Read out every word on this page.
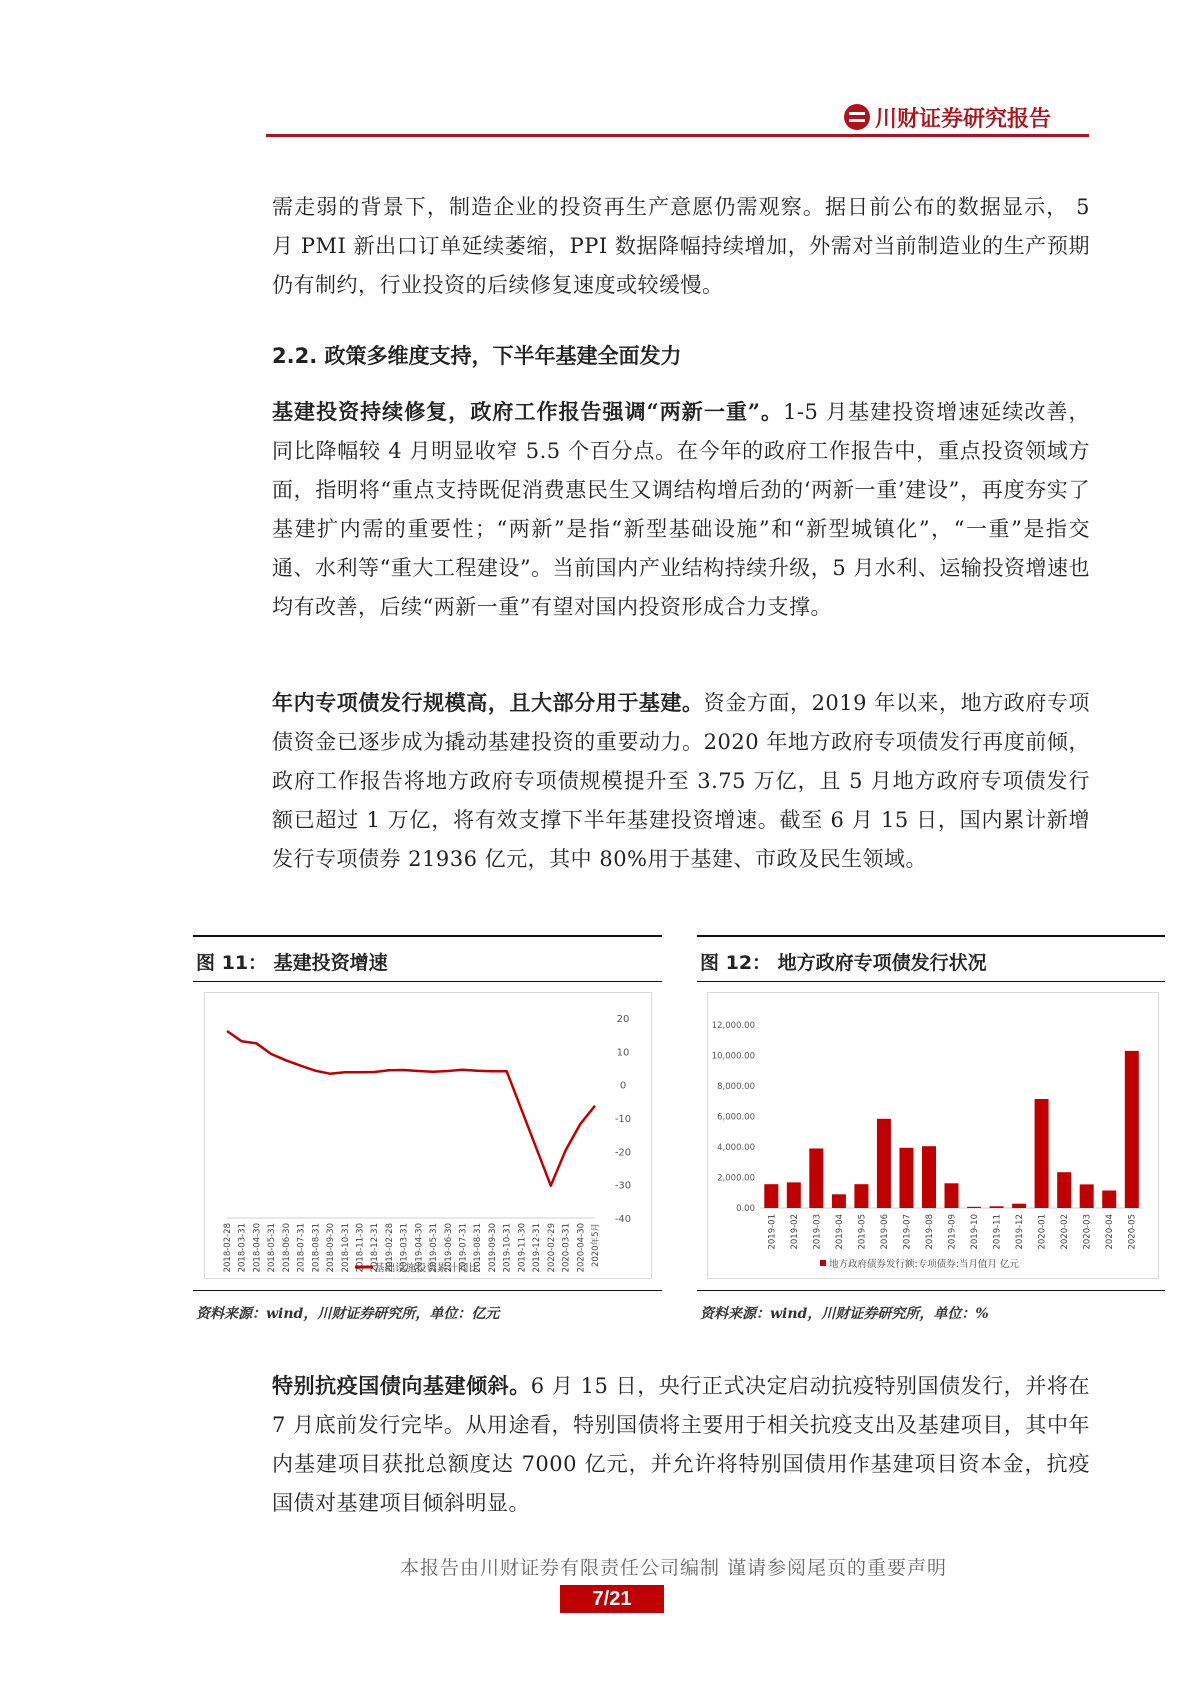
川财证券研究报告
需走弱的背景下，制造企业的投资再生产意愿仍需观察。据日前公布的数据显示， 5 月 PMI 新出口订单延续萎缩，PPI 数据降幅持续增加，外需对当前制造业的生产预期仍有制约，行业投资的后续修复速度或较缓慢。
2.2. 政策多维度支持，下半年基建全面发力
基建投资持续修复，政府工作报告强调“两新一重”。1-5 月基建投资增速延续改善，同比降幅较 4 月明显收窄 5.5 个百分点。在今年的政府工作报告中，重点投资领域方面，指明将“重点支持既促消费惠民生又调结构增后劲的‘两新一重’建设”，再度夯实了基建扩内需的重要性；“两新”是指“新型基础设施”和“新型城镇化”，“一重”是指交通、水利等“重大工程建设”。当前国内产业结构持续升级，5 月水利、运输投资增速也均有改善，后续“两新一重”有望对国内投资形成合力支撑。
年内专项债发行规模高，且大部分用于基建。资金方面，2019 年以来，地方政府专项债资金已逐步成为撬动基建投资的重要动力。2020 年地方政府专项债发行再度前倾，政府工作报告将地方政府专项债规模提升至 3.75 万亿，且 5 月地方政府专项债发行额已超过 1 万亿，将有效支撑下半年基建投资增速。截至 6 月 15 日，国内累计新增发行专项债券 21936 亿元，其中 80%用于基建、市政及民生领域。
图 11： 基建投资增速
20
10
0
-10
-20
-30
-40
2018-02-28 2018-03-31 2018-04-30 2018-05-31 2018-06-30 2018-07-31 2018-08-31 2018-09-30 2018-10-31 2018-11-30 2018-12-31 2019-02-28 2019-03-31 2019-04-30 2019-05-31 2019-06-30 2019-07-31 2019-08-31 2019-09-30 2019-10-31 2019-11-30 2019-12-31 2020-02-29 2020-03-31 2020-04-30 2020年5月
基础设施投资累计同比
资料来源：wind，川财证券研究所，单位：亿元
图 12： 地方政府专项债发行状况
12,000.00
10,000.00
8,000.00
6,000.00
4,000.00
2,000.00
0.00
2019-01 2019-02 2019-03 2019-04 2019-05 2019-06 2019-07 2019-08 2019-09 2019-10 2019-11 2019-12 2020-01 2020-02 2020-03 2020-04 2020-05
地方政府债券发行额:专项债券:当月值月 亿元
资料来源：wind，川财证券研究所，单位：%
特别抗疫国债向基建倾斜。6 月 15 日，央行正式决定启动抗疫特别国债发行，并将在 7 月底前发行完毕。从用途看，特别国债将主要用于相关抗疫支出及基建项目，其中年内基建项目获批总额度达 7000 亿元，并允许将特别国债用作基建项目资本金，抗疫国债对基建项目倾斜明显。
本报告由川财证券有限责任公司编制 谨请参阅尾页的重要声明
7/21
